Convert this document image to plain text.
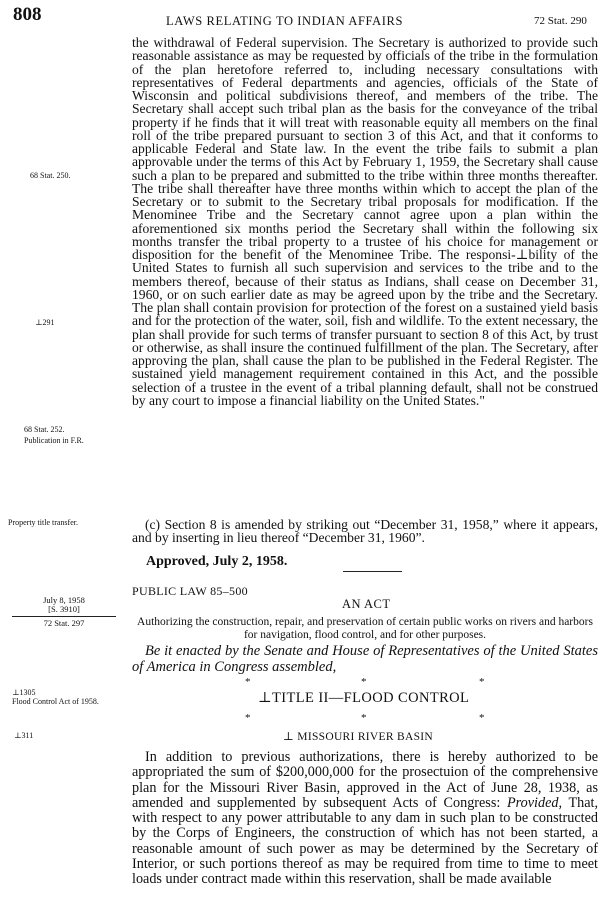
808	LAWS RELATING TO INDIAN AFFAIRS	72 Stat. 290

the withdrawal of Federal supervision. The Secretary is authorized to provide such reasonable assistance as may be requested by officials of the tribe in the formulation of the plan heretofore referred to, including necessary consultations with representatives of Federal departments and agencies, officials of the State of Wisconsin and political subdivisions thereof, and members of the tribe. The Secretary shall accept such tribal plan as the basis for the conveyance of the tribal property if he finds that it will treat with reasonable equity all members on the final roll of the tribe prepared pursuant to section 3 of this Act, and that it conforms to applicable Federal and State law. In the event the tribe fails to submit a plan approvable under the terms of this Act by February 1, 1959, the Secretary shall cause such a plan to be prepared and submitted to the tribe within three months thereafter. The tribe shall thereafter have three months within which to accept the plan of the Secretary or to submit to the Secretary tribal proposals for modification. If the Menominee Tribe and the Secretary cannot agree upon a plan within the aforementioned six months period the Secretary shall within the following six months transfer the tribal property to a trustee of his choice for management or disposition for the benefit of the Menominee Tribe. The responsi-⊥bility of the United States to furnish all such supervision and services to the tribe and to the members thereof, because of their status as Indians, shall cease on December 31, 1960, or on such earlier date as may be agreed upon by the tribe and the Secretary. The plan shall contain provision for protection of the forest on a sustained yield basis and for the protection of the water, soil, fish and wildlife. To the extent necessary, the plan shall provide for such terms of transfer pursuant to section 8 of this Act, by trust or otherwise, as shall insure the continued fulfillment of the plan. The Secretary, after approving the plan, shall cause the plan to be published in the Federal Register. The sustained yield management requirement contained in this Act, and the possible selection of a trustee in the event of a tribal planning default, shall not be construed by any court to impose a financial liability on the United States."

68 Stat. 250.
⊥291
68 Stat. 252.
Publication in F.R.

(c) Section 8 is amended by striking out “December 31, 1958,” where it appears, and by inserting in lieu thereof “December 31, 1960”.

Property title transfer.
Approved, July 2, 1958.
PUBLIC LAW 85–500
AN ACT
July 8, 1958
[S. 3910]
72 Stat. 297	Authorizing the construction, repair, and preservation of certain public works on rivers and harbors for navigation, flood control, and for other purposes.
Be it enacted by the Senate and House of Representatives of the United States of America in Congress assembled,
*	*	*
⊥TITLE II—FLOOD CONTROL
*	*	*
⊥1305
Flood Control Act of 1958.
⊥ MISSOURI RIVER BASIN
⊥311

In addition to previous authorizations, there is hereby authorized to be appropriated the sum of $200,000,000 for the prosectuion of the comprehensive plan for the Missouri River Basin, approved in the Act of June 28, 1938, as amended and supplemented by subsequent Acts of Congress: Provided, That, with respect to any power attributable to any dam in such plan to be constructed by the Corps of Engineers, the construction of which has not been started, a reasonable amount of such power as may be determined by the Secretary of Interior, or such portions thereof as may be required from time to time to meet loads under contract made within this reservation, shall be made available
